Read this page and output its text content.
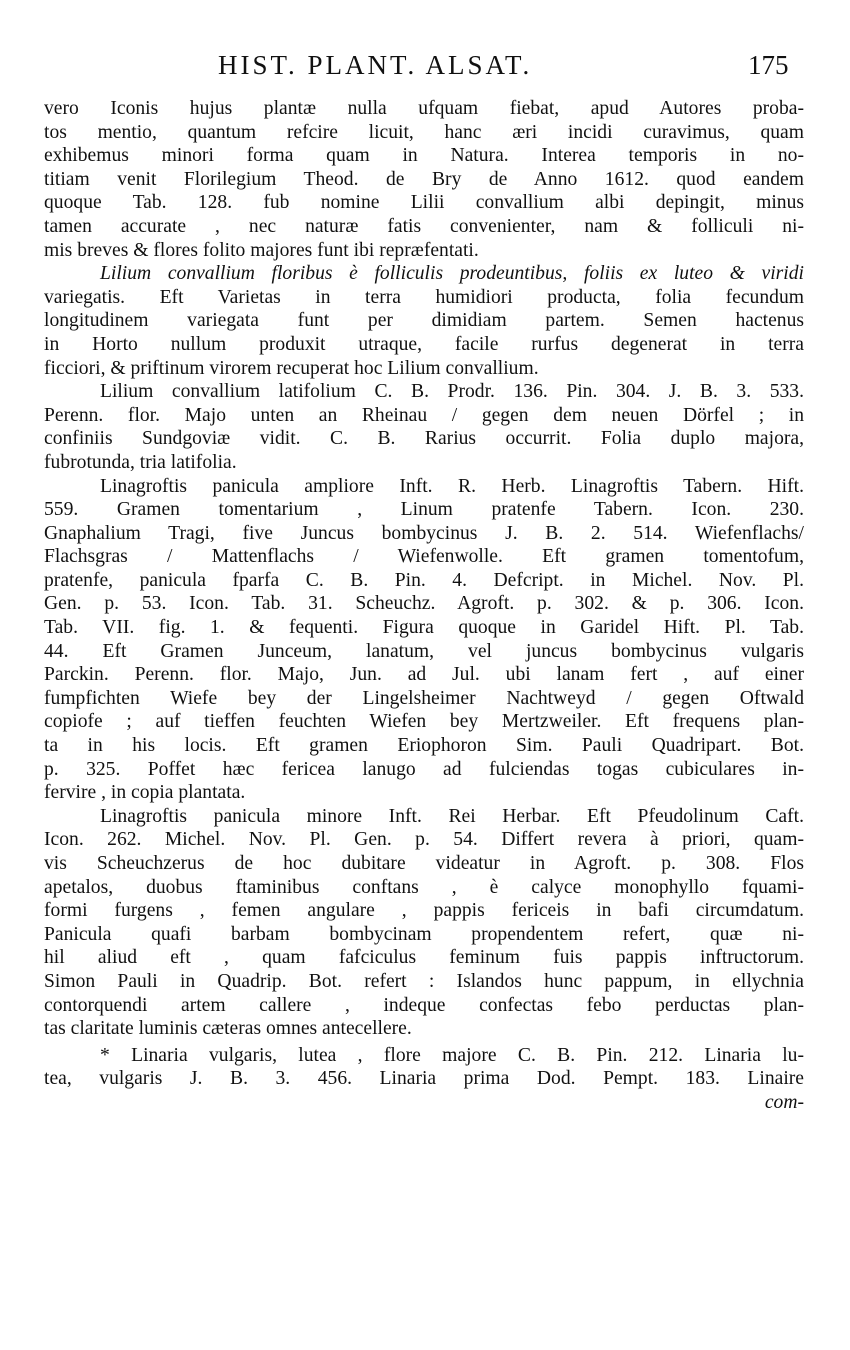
HIST. PLANT. ALSAT.	175
vero Iconis hujus plantæ nulla ufquam fiebat, apud Autores proba-
tos mentio, quantum refcire licuit, hanc æri incidi curavimus, quam
exhibemus minori forma quam in Natura. Interea temporis in no-
titiam venit Florilegium Theod. de Bry de Anno 1612. quod eandem
quoque Tab. 128. fub nomine Lilii convallium albi depingit, minus
tamen accurate , nec naturæ fatis convenienter, nam & folliculi ni-
mis breves & flores folito majores funt ibi repræfentati.
Lilium convallium floribus è folliculis prodeuntibus, foliis ex luteo & viridi
variegatis. Eft Varietas in terra humidiori producta, folia fecundum
longitudinem variegata funt per dimidiam partem. Semen hactenus
in Horto nullum produxit utraque, facile rurfus degenerat in terra
ficciori, & priftinum virorem recuperat hoc Lilium convallium.
Lilium convallium latifolium C. B. Prodr. 136. Pin. 304. J. B. 3. 533.
Perenn. flor. Majo unten an Rheinau / gegen dem neuen Dörfel ; in
confiniis Sundgoviæ vidit. C. B. Rarius occurrit. Folia duplo majora,
fubrotunda, tria latifolia.
Linagroftis panicula ampliore Inft. R. Herb. Linagroftis Tabern. Hift.
559. Gramen tomentarium , Linum pratenfe Tabern. Icon. 230.
Gnaphalium Tragi, five Juncus bombycinus J. B. 2. 514. Wiefenflachs/
Flachsgras / Mattenflachs / Wiefenwolle. Eft gramen tomentofum,
pratenfe, panicula fparfa C. B. Pin. 4. Defcript. in Michel. Nov. Pl.
Gen. p. 53. Icon. Tab. 31. Scheuchz. Agroft. p. 302. & p. 306. Icon.
Tab. VII. fig. 1. & fequenti. Figura quoque in Garidel Hift. Pl. Tab.
44. Eft Gramen Junceum, lanatum, vel juncus bombycinus vulgaris
Parckin. Perenn. flor. Majo, Jun. ad Jul. ubi lanam fert , auf einer
fumpfichten Wiefe bey der Lingelsheimer Nachtweyd / gegen Oftwald
copiofe ; auf tieffen feuchten Wiefen bey Mertzweiler. Eft frequens plan-
ta in his locis. Eft gramen Eriophoron Sim. Pauli Quadripart. Bot.
p. 325. Poffet hæc fericea lanugo ad fulciendas togas cubiculares in-
fervire , in copia plantata.
Linagroftis panicula minore Inft. Rei Herbar. Eft Pfeudolinum Caft.
Icon. 262. Michel. Nov. Pl. Gen. p. 54. Differt revera à priori, quam-
vis Scheuchzerus de hoc dubitare videatur in Agroft. p. 308. Flos
apetalos, duobus ftaminibus conftans , è calyce monophyllo fquami-
formi furgens , femen angulare , pappis fericeis in bafi circumdatum.
Panicula quafi barbam bombycinam propendentem refert, quæ ni-
hil aliud eft , quam fafciculus feminum fuis pappis inftructorum.
Simon Pauli in Quadrip. Bot. refert : Islandos hunc pappum, in ellychnia
contorquendi artem callere , indeque confectas febo perductas plan-
tas claritate luminis cæteras omnes antecellere.
* Linaria vulgaris, lutea , flore majore C. B. Pin. 212. Linaria lu-
tea, vulgaris J. B. 3. 456. Linaria prima Dod. Pempt. 183. Linaire
com-
